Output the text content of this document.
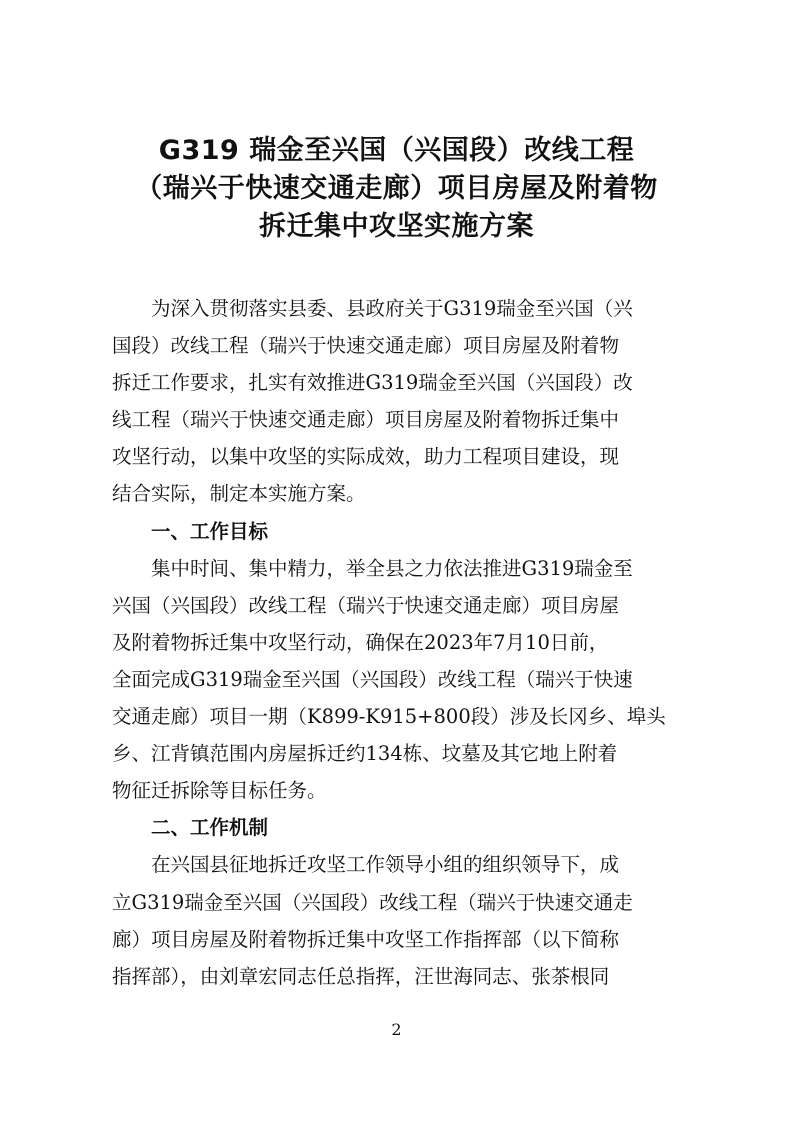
G319 瑞金至兴国（兴国段）改线工程
（瑞兴于快速交通走廊）项目房屋及附着物
拆迁集中攻坚实施方案
为深入贯彻落实县委、县政府关于G319瑞金至兴国（兴
国段）改线工程（瑞兴于快速交通走廊）项目房屋及附着物
拆迁工作要求，扎实有效推进G319瑞金至兴国（兴国段）改
线工程（瑞兴于快速交通走廊）项目房屋及附着物拆迁集中
攻坚行动，以集中攻坚的实际成效，助力工程项目建设，现
结合实际，制定本实施方案。
一、工作目标
集中时间、集中精力，举全县之力依法推进G319瑞金至
兴国（兴国段）改线工程（瑞兴于快速交通走廊）项目房屋
及附着物拆迁集中攻坚行动，确保在2023年7月10日前，
全面完成G319瑞金至兴国（兴国段）改线工程（瑞兴于快速
交通走廊）项目一期（K899-K915+800段）涉及长冈乡、埠头
乡、江背镇范围内房屋拆迁约134栋、坟墓及其它地上附着
物征迁拆除等目标任务。
二、工作机制
在兴国县征地拆迁攻坚工作领导小组的组织领导下，成
立G319瑞金至兴国（兴国段）改线工程（瑞兴于快速交通走
廊）项目房屋及附着物拆迁集中攻坚工作指挥部（以下简称
指挥部），由刘章宏同志任总指挥，汪世海同志、张茶根同
2
